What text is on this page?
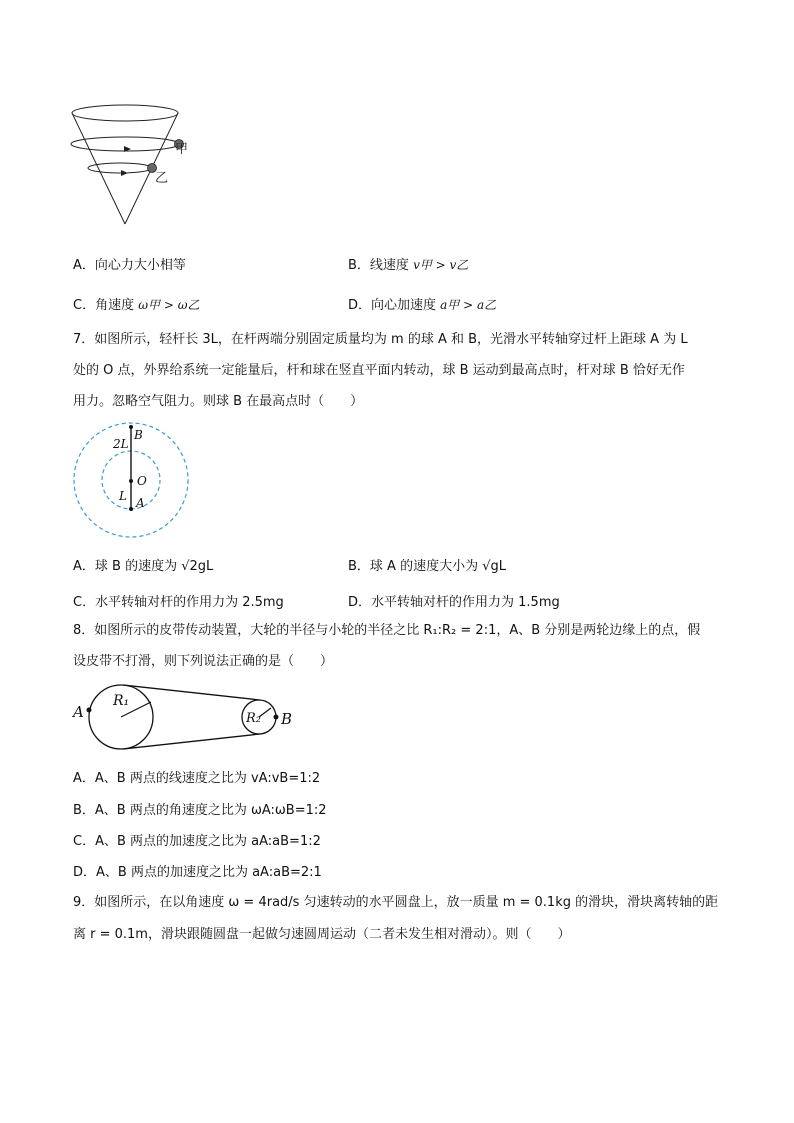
甲
乙
A．向心力大小相等	B．线速度 v甲 > v乙
C．角速度 ω甲 > ω乙	D．向心加速度 a甲 > a乙
7．如图所示，轻杆长 3L，在杆两端分别固定质量均为 m 的球 A 和 B，光滑水平转轴穿过杆上距球 A 为 L
处的 O 点，外界给系统一定能量后，杆和球在竖直平面内转动，球 B 运动到最高点时，杆对球 B 恰好无作
用力。忽略空气阻力。则球 B 在最高点时（　　）
B
2L
O
L A
A．球 B 的速度为 √2gL	B．球 A 的速度大小为 √gL
C．水平转轴对杆的作用力为 2.5mg	D．水平转轴对杆的作用力为 1.5mg
8．如图所示的皮带传动装置，大轮的半径与小轮的半径之比 R₁:R₂ = 2:1，A、B 分别是两轮边缘上的点，假
设皮带不打滑，则下列说法正确的是（　　）
A
R₁
R₂ B
A．A、B 两点的线速度之比为 vA:vB=1:2
B．A、B 两点的角速度之比为 ωA:ωB=1:2
C．A、B 两点的加速度之比为 aA:aB=1:2
D．A、B 两点的加速度之比为 aA:aB=2:1
9．如图所示，在以角速度 ω = 4rad/s 匀速转动的水平圆盘上，放一质量 m = 0.1kg 的滑块，滑块离转轴的距
离 r = 0.1m，滑块跟随圆盘一起做匀速圆周运动（二者未发生相对滑动）。则（　　）
